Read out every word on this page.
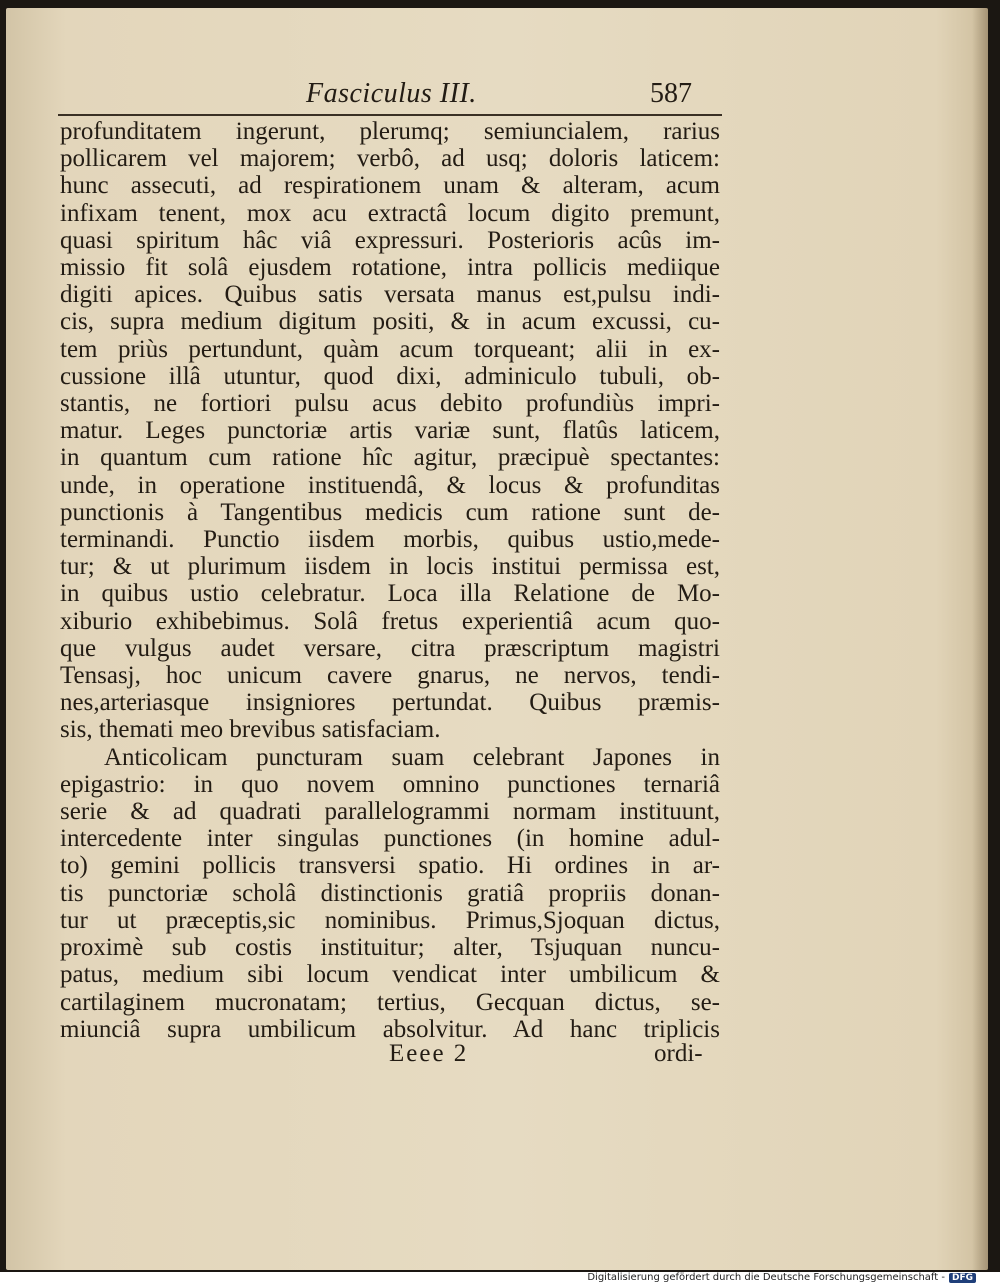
Fasciculus III.	587
profunditatem ingerunt, plerumq; semiuncialem, rarius
pollicarem vel majorem; verbô, ad usq; doloris laticem:
hunc assecuti, ad respirationem unam & alteram, acum
infixam tenent, mox acu extractâ locum digito premunt,
quasi spiritum hâc viâ expressuri. Posterioris acûs im-
missio fit solâ ejusdem rotatione, intra pollicis mediique
digiti apices. Quibus satis versata manus est,pulsu indi-
cis, supra medium digitum positi, & in acum excussi, cu-
tem priùs pertundunt, quàm acum torqueant; alii in ex-
cussione illâ utuntur, quod dixi, adminiculo tubuli, ob-
stantis, ne fortiori pulsu acus debito profundiùs impri-
matur. Leges punctoriæ artis variæ sunt, flatûs laticem,
in quantum cum ratione hîc agitur, præcipuè spectantes:
unde, in operatione instituendâ, & locus & profunditas
punctionis à Tangentibus medicis cum ratione sunt de-
terminandi. Punctio iisdem morbis, quibus ustio,mede-
tur; & ut plurimum iisdem in locis institui permissa est,
in quibus ustio celebratur. Loca illa Relatione de Mo-
xiburio exhibebimus. Solâ fretus experientiâ acum quo-
que vulgus audet versare, citra præscriptum magistri
Tensasj, hoc unicum cavere gnarus, ne nervos, tendi-
nes,arteriasque insigniores pertundat. Quibus præmis-
sis, themati meo brevibus satisfaciam.
Anticolicam puncturam suam celebrant Japones in
epigastrio: in quo novem omnino punctiones ternariâ
serie & ad quadrati parallelogrammi normam instituunt,
intercedente inter singulas punctiones (in homine adul-
to) gemini pollicis transversi spatio. Hi ordines in ar-
tis punctoriæ scholâ distinctionis gratiâ propriis donan-
tur ut præceptis,sic nominibus. Primus,Sjoquan dictus,
proximè sub costis instituitur; alter, Tsjuquan nuncu-
patus, medium sibi locum vendicat inter umbilicum &
cartilaginem mucronatam; tertius, Gecquan dictus, se-
miunciâ supra umbilicum absolvitur. Ad hanc triplicis
Eeee 2	ordi-
Digitalisierung gefördert durch die Deutsche Forschungsgemeinschaft - DFG
